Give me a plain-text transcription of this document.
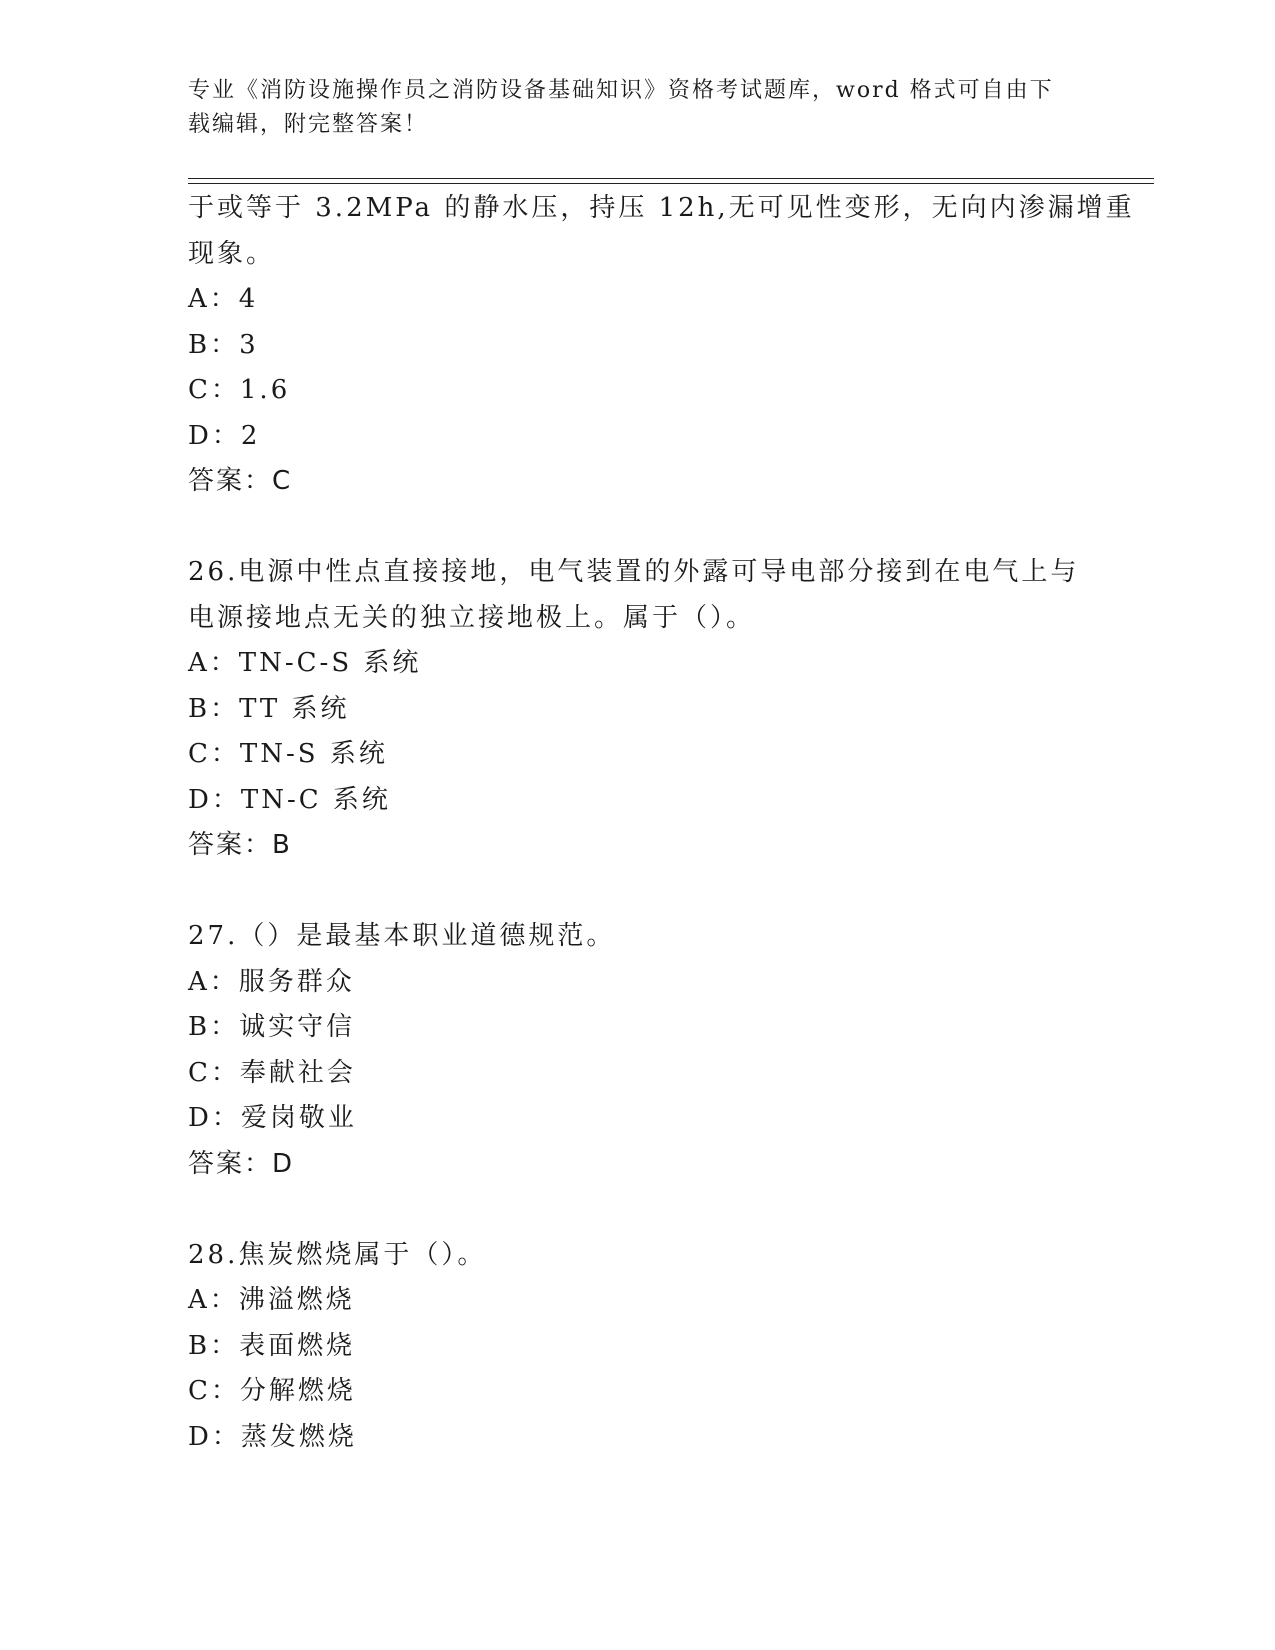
专业《消防设施操作员之消防设备基础知识》资格考试题库，word 格式可自由下
载编辑，附完整答案！
于或等于 3.2MPa 的静水压，持压 12h,无可见性变形，无向内渗漏增重
现象。
A：4
B：3
C：1.6
D：2
答案：C
26.电源中性点直接接地，电气装置的外露可导电部分接到在电气上与
电源接地点无关的独立接地极上。属于（）。
A：TN-C-S 系统
B：TT 系统
C：TN-S 系统
D：TN-C 系统
答案：B
27.（）是最基本职业道德规范。
A：服务群众
B：诚实守信
C：奉献社会
D：爱岗敬业
答案：D
28.焦炭燃烧属于（）。
A：沸溢燃烧
B：表面燃烧
C：分解燃烧
D：蒸发燃烧
